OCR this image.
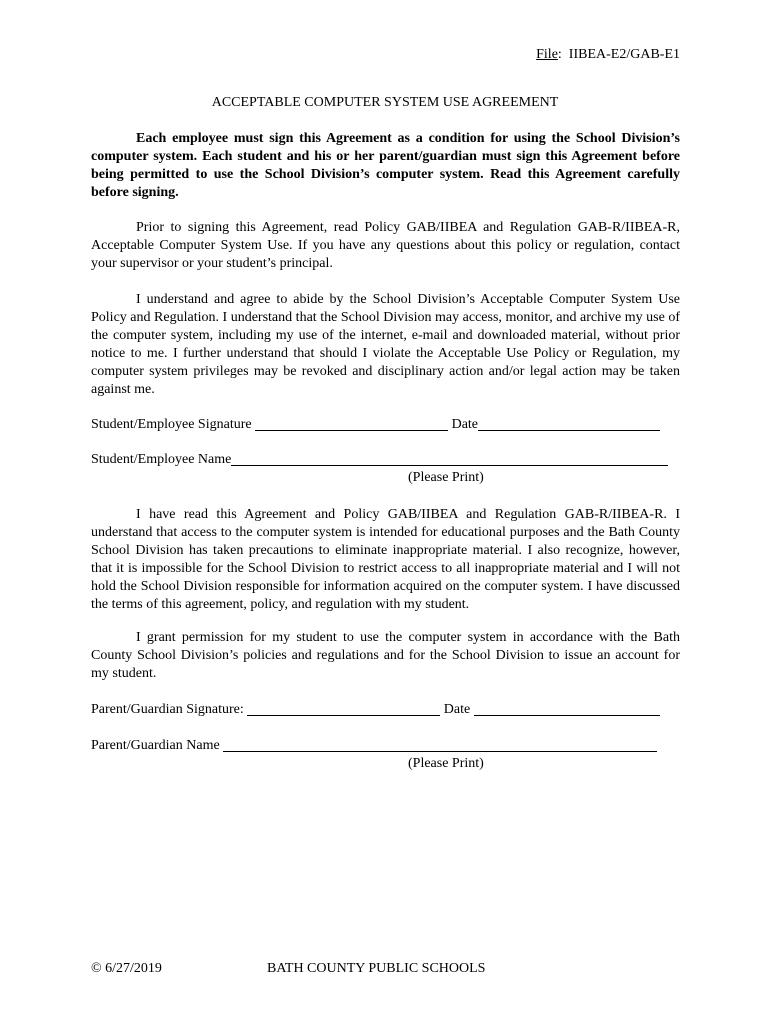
File:  IIBEA-E2/GAB-E1
ACCEPTABLE COMPUTER SYSTEM USE AGREEMENT

Each employee must sign this Agreement as a condition for using the School Division’s computer system. Each student and his or her parent/guardian must sign this Agreement before being permitted to use the School Division’s computer system. Read this Agreement carefully before signing.

Prior to signing this Agreement, read Policy GAB/IIBEA and Regulation GAB-R/IIBEA-R, Acceptable Computer System Use. If you have any questions about this policy or regulation, contact your supervisor or your student’s principal.

I understand and agree to abide by the School Division’s Acceptable Computer System Use Policy and Regulation. I understand that the School Division may access, monitor, and archive my use of the computer system, including my use of the internet, e-mail and downloaded material, without prior notice to me. I further understand that should I violate the Acceptable Use Policy or Regulation, my computer system privileges may be revoked and disciplinary action and/or legal action may be taken against me.

Student/Employee Signature	Date
Student/Employee Name
(Please Print)

I have read this Agreement and Policy GAB/IIBEA and Regulation GAB-R/IIBEA-R. I understand that access to the computer system is intended for educational purposes and the Bath County School Division has taken precautions to eliminate inappropriate material. I also recognize, however, that it is impossible for the School Division to restrict access to all inappropriate material and I will not hold the School Division responsible for information acquired on the computer system. I have discussed the terms of this agreement, policy, and regulation with my student.

I grant permission for my student to use the computer system in accordance with the Bath County School Division’s policies and regulations and for the School Division to issue an account for my student.

Parent/Guardian Signature:	Date
Parent/Guardian Name
(Please Print)
© 6/27/2019	BATH COUNTY PUBLIC SCHOOLS
